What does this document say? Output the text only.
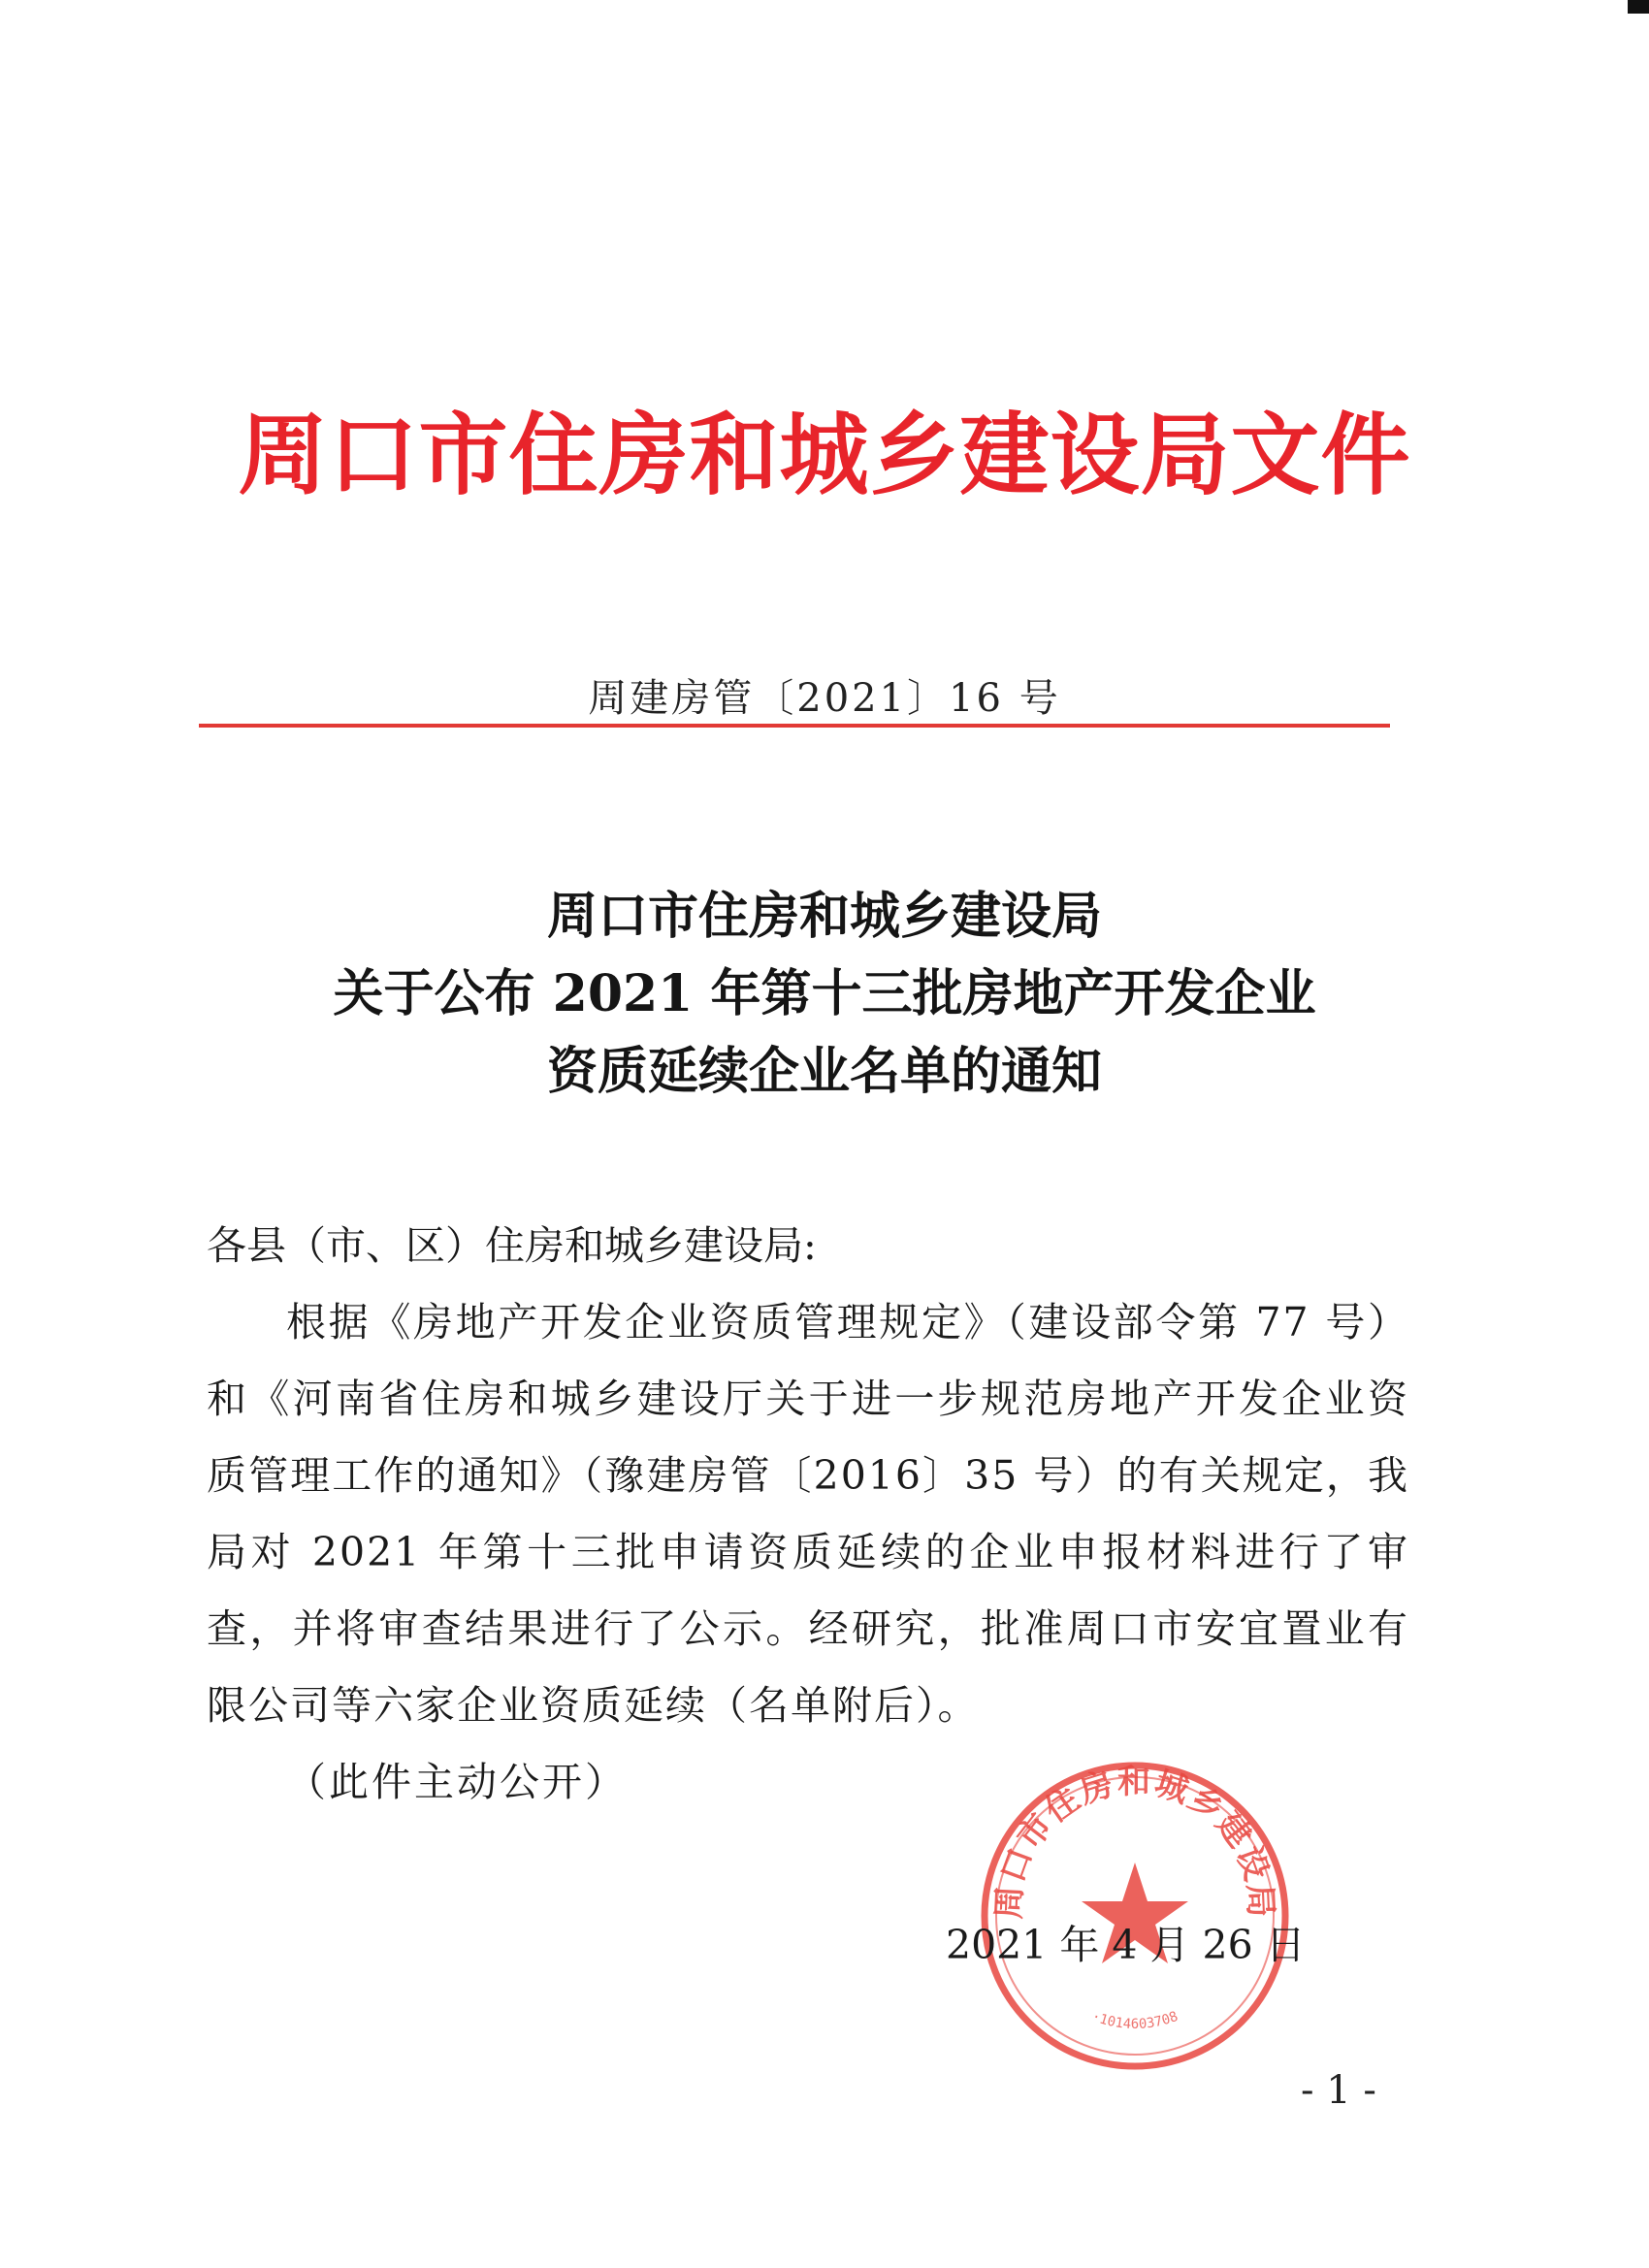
周口市住房和城乡建设局文件
周建房管〔2021〕16 号
周口市住房和城乡建设局
关于公布 2021 年第十三批房地产开发企业
资质延续企业名单的通知
各县（市、区）住房和城乡建设局:
根据《房地产开发企业资质管理规定》（建设部令第 77 号）和《河南省住房和城乡建设厅关于进一步规范房地产开发企业资质管理工作的通知》（豫建房管〔2016〕35 号）的有关规定，我局对 2021 年第十三批申请资质延续的企业申报材料进行了审查，并将审查结果进行了公示。经研究，批准周口市安宜置业有限公司等六家企业资质延续（名单附后）。
（此件主动公开）
周口市住房和城乡建设局
·1014603708
2021 年 4 月 26 日
- 1 -
